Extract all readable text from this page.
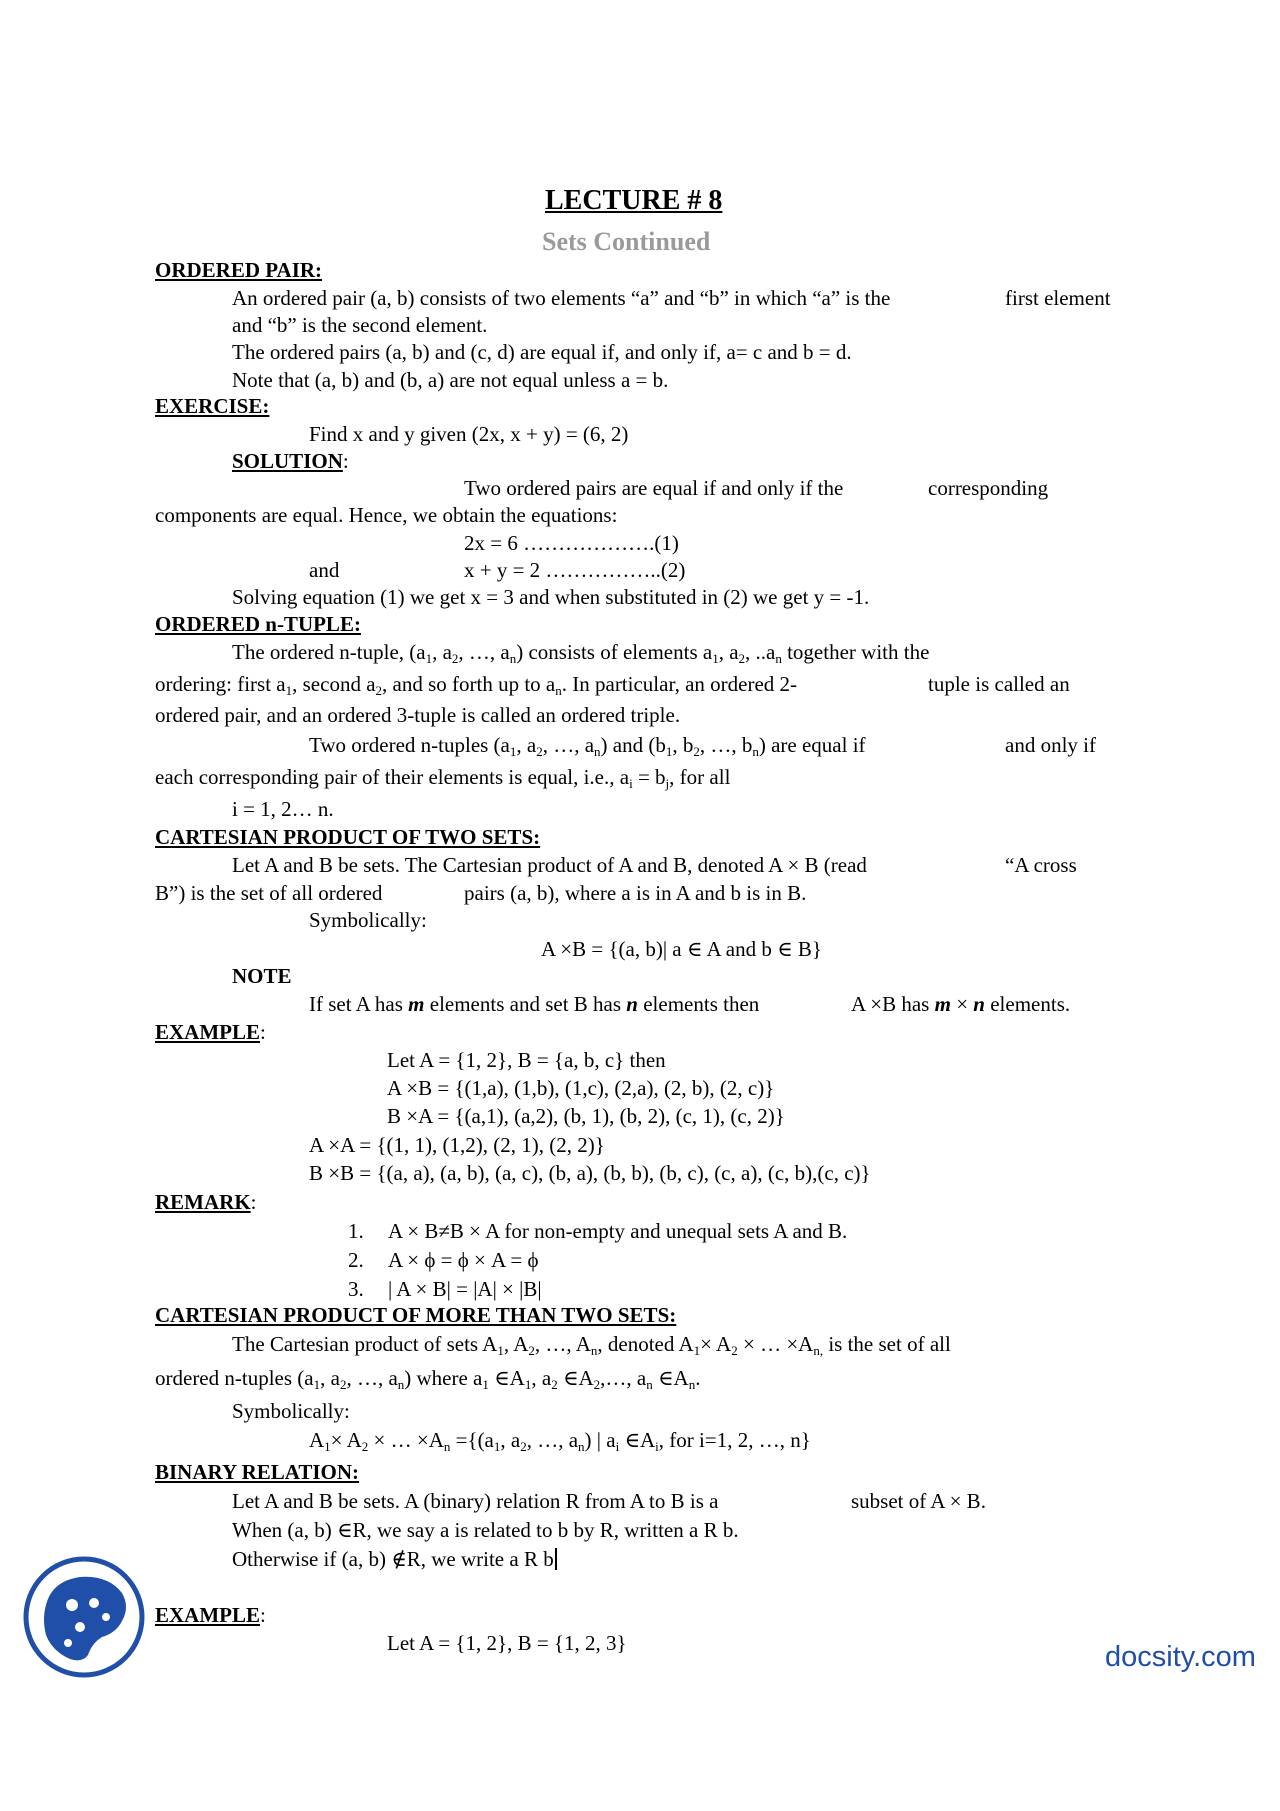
LECTURE # 8
Sets Continued
ORDERED PAIR:
An ordered pair (a, b) consists of two elements “a” and “b” in which “a” is the	first element
and “b” is the second element.
The ordered pairs (a, b) and (c, d) are equal if, and only if, a= c and b = d.
Note that (a, b) and (b, a) are not equal unless a = b.
EXERCISE:
Find x and y given (2x, x + y) = (6, 2)
SOLUTION:
Two ordered pairs are equal if and only if the	corresponding
components are equal. Hence, we obtain the equations:
2x = 6 ……………….(1)
and	x + y = 2 ……………..(2)
Solving equation (1) we get x = 3 and when substituted in (2) we get y = -1.
ORDERED n-TUPLE:
The ordered n-tuple, ($a_1$, $a_2$, …, $a_n$) consists of elements $a_1$, $a_2$, $..a_n$ together with the
ordering: first $a_1$, second $a_2$, and so forth up to $a_n$. In particular, an ordered 2-	tuple is called an
ordered pair, and an ordered 3-tuple is called an ordered triple.
Two ordered n-tuples ($a_1$, $a_2$, …, $a_n$) and ($b_1$, $b_2$, …, $b_n$) are equal if	and only if
each corresponding pair of their elements is equal, i.e., $a_i = b_j$, for all
i = 1, 2… n.
CARTESIAN PRODUCT OF TWO SETS:
Let A and B be sets. The Cartesian product of A and B, denoted A × B (read	“A cross
B”) is the set of all ordered	pairs (a, b), where a is in A and b is in B.
Symbolically:
A ×B = {(a, b)| a ∈ A and b ∈ B}
NOTE
If set A has m elements and set B has n elements then	A ×B has m × n elements.
EXAMPLE:
Let A = {1, 2}, B = {a, b, c} then
A ×B = {(1,a), (1,b), (1,c), (2,a), (2, b), (2, c)}
B ×A = {(a,1), (a,2), (b, 1), (b, 2), (c, 1), (c, 2)}
A ×A = {(1, 1), (1,2), (2, 1), (2, 2)}
B ×B = {(a, a), (a, b), (a, c), (b, a), (b, b), (b, c), (c, a), (c, b),(c, c)}
REMARK:
1. A × B≠B × A for non-empty and unequal sets A and B.
2. A × ϕ = ϕ × A = ϕ
3. | A × B| = |A| × |B|
CARTESIAN PRODUCT OF MORE THAN TWO SETS:
The Cartesian product of sets $A_1$, $A_2$, …, $A_n$, denoted $A_1\times A_2$ × … $\times A_{n,}$ is the set of all
ordered n-tuples ($a_1$, $a_2$, …, $a_n$) where $a_1$ $\in A_1$, $a_2$ $\in A_2,\dots$, $a_n$ $\in A_n$.
Symbolically:
$A_1\times A_2$ × … $\times A_n =\{(a_1$, $a_2$, …, $a_n$) | $a_i$ $\in A_i$, for i=1, 2, …, n}
BINARY RELATION:
Let A and B be sets. A (binary) relation R from A to B is a	subset of A × B.
When (a, b) ∈R, we say a is related to b by R, written a R b.
Otherwise if (a, b) ∉R, we write a R b
EXAMPLE:
Let A = {1, 2}, B = {1, 2, 3}	docsity.com
